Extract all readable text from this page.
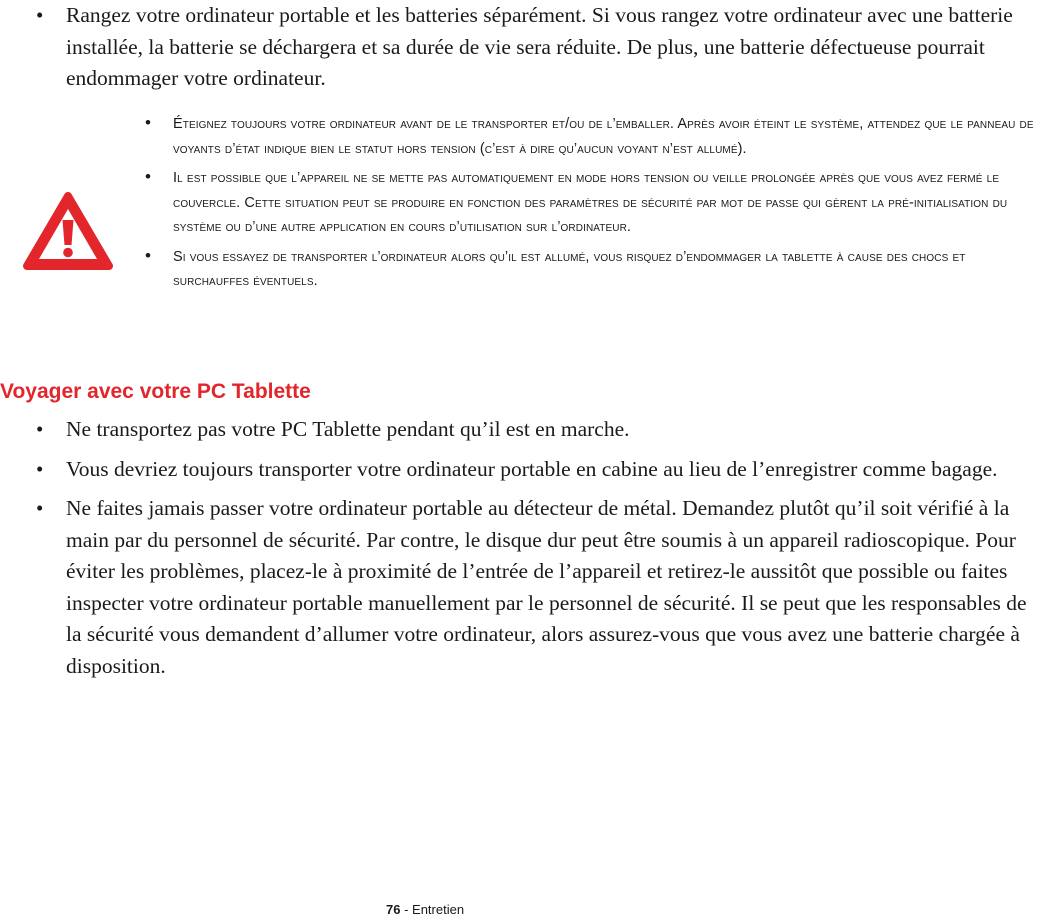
• Rangez votre ordinateur portable et les batteries séparément. Si vous rangez votre ordinateur avec une batterie installée, la batterie se déchargera et sa durée de vie sera réduite. De plus, une batterie défectueuse pourrait endommager votre ordinateur.
• Éteignez toujours votre ordinateur avant de le transporter et/ou de l’emballer. Après avoir éteint le système, attendez que le panneau de voyants d’état indique bien le statut hors tension (c’est à dire qu’aucun voyant n’est allumé).
• Il est possible que l’appareil ne se mette pas automatiquement en mode hors tension ou veille prolongée après que vous avez fermé le couvercle. Cette situation peut se produire en fonction des paramètres de sécurité par mot de passe qui gèrent la pré-initialisation du système ou d’une autre application en cours d’utilisation sur l’ordinateur.
• Si vous essayez de transporter l’ordinateur alors qu’il est allumé, vous risquez d’endommager la tablette à cause des chocs et surchauffes éventuels.
Voyager avec votre PC Tablette
• Ne transportez pas votre PC Tablette pendant qu’il est en marche.
• Vous devriez toujours transporter votre ordinateur portable en cabine au lieu de l’enregistrer comme bagage.
• Ne faites jamais passer votre ordinateur portable au détecteur de métal. Demandez plutôt qu’il soit vérifié à la main par du personnel de sécurité. Par contre, le disque dur peut être soumis à un appareil radioscopique. Pour éviter les problèmes, placez-le à proximité de l’entrée de l’appareil et retirez-le aussitôt que possible ou faites inspecter votre ordinateur portable manuellement par le personnel de sécurité. Il se peut que les responsables de la sécurité vous demandent d’allumer votre ordinateur, alors assurez-vous que vous avez une batterie chargée à disposition.
76 - Entretien
